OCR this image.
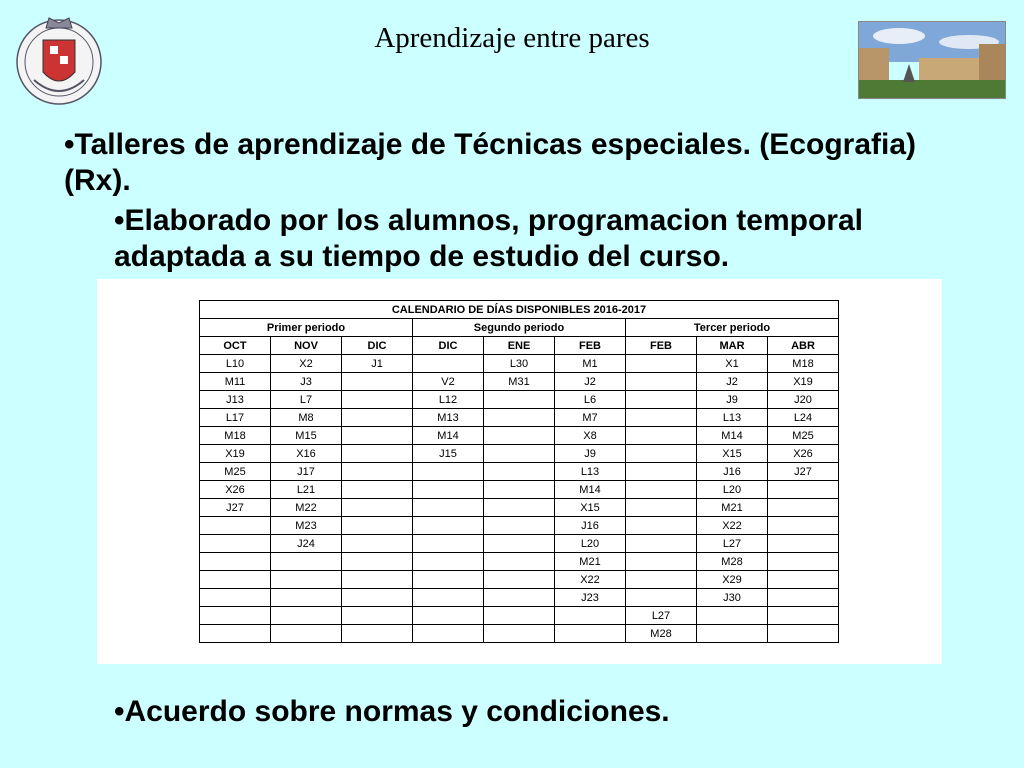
Aprendizaje entre pares
•Talleres de aprendizaje de Técnicas especiales. (Ecografia) (Rx).
•Elaborado por los alumnos, programacion temporal adaptada a su tiempo de estudio del curso.
CALENDARIO DE DÍAS DISPONIBLES 2016-2017								
Primer periodo			Segundo periodo			Tercer periodo		
OCT	NOV	DIC	DIC	ENE	FEB	FEB	MAR	ABR
L10	X2	J1		L30	M1		X1	M18
M11	J3		V2	M31	J2		J2	X19
J13	L7		L12		L6		J9	J20
L17	M8		M13		M7		L13	L24
M18	M15		M14		X8		M14	M25
X19	X16		J15		J9		X15	X26
M25	J17				L13		J16	J27
X26	L21				M14		L20	
J27	M22				X15		M21	
	M23				J16		X22	
	J24				L20		L27	
					M21		M28	
					X22		X29	
					J23		J30	
						L27		
						M28		
•Acuerdo sobre normas y condiciones.
